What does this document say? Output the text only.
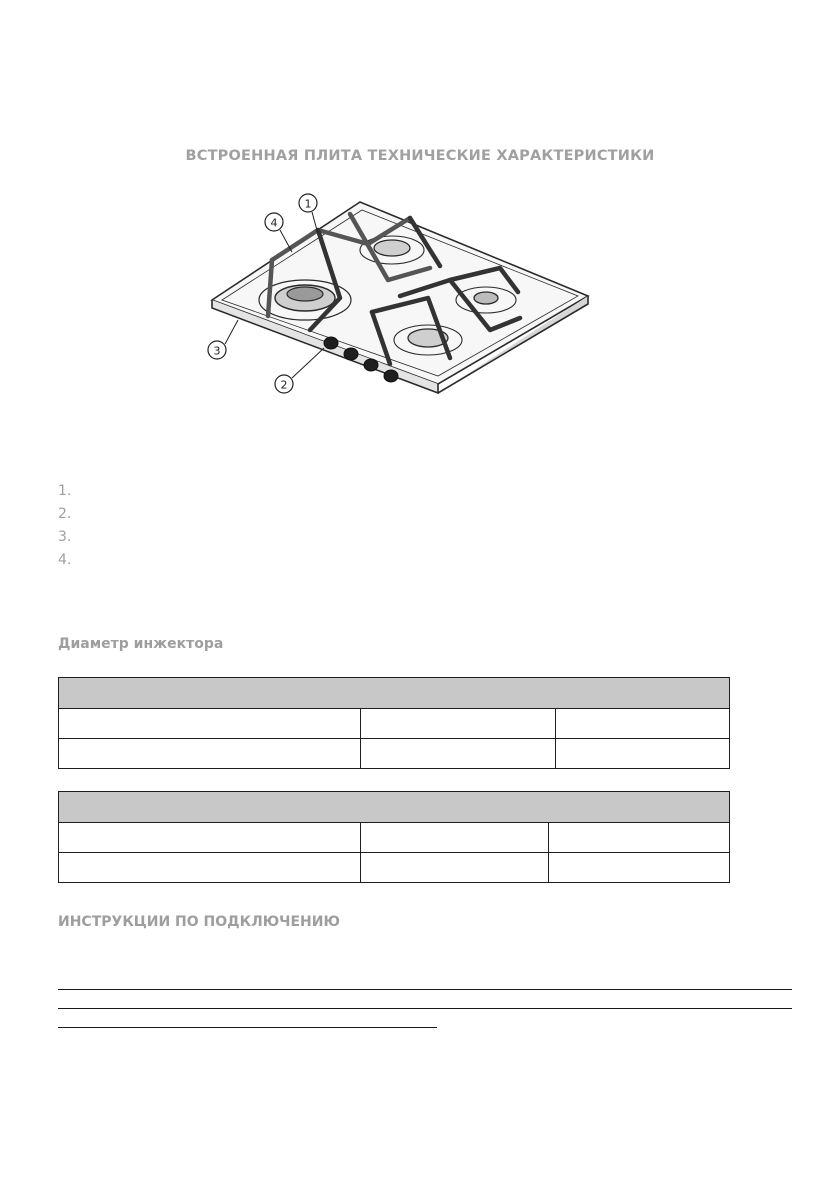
ВСТРОЕННАЯ ПЛИТА ТЕХНИЧЕСКИЕ ХАРАКТЕРИСТИКИ
1
4
3
2
1.
2.
3.
4.
Диаметр инжектора

ИНСТРУКЦИИ ПО ПОДКЛЮЧЕНИЮ
